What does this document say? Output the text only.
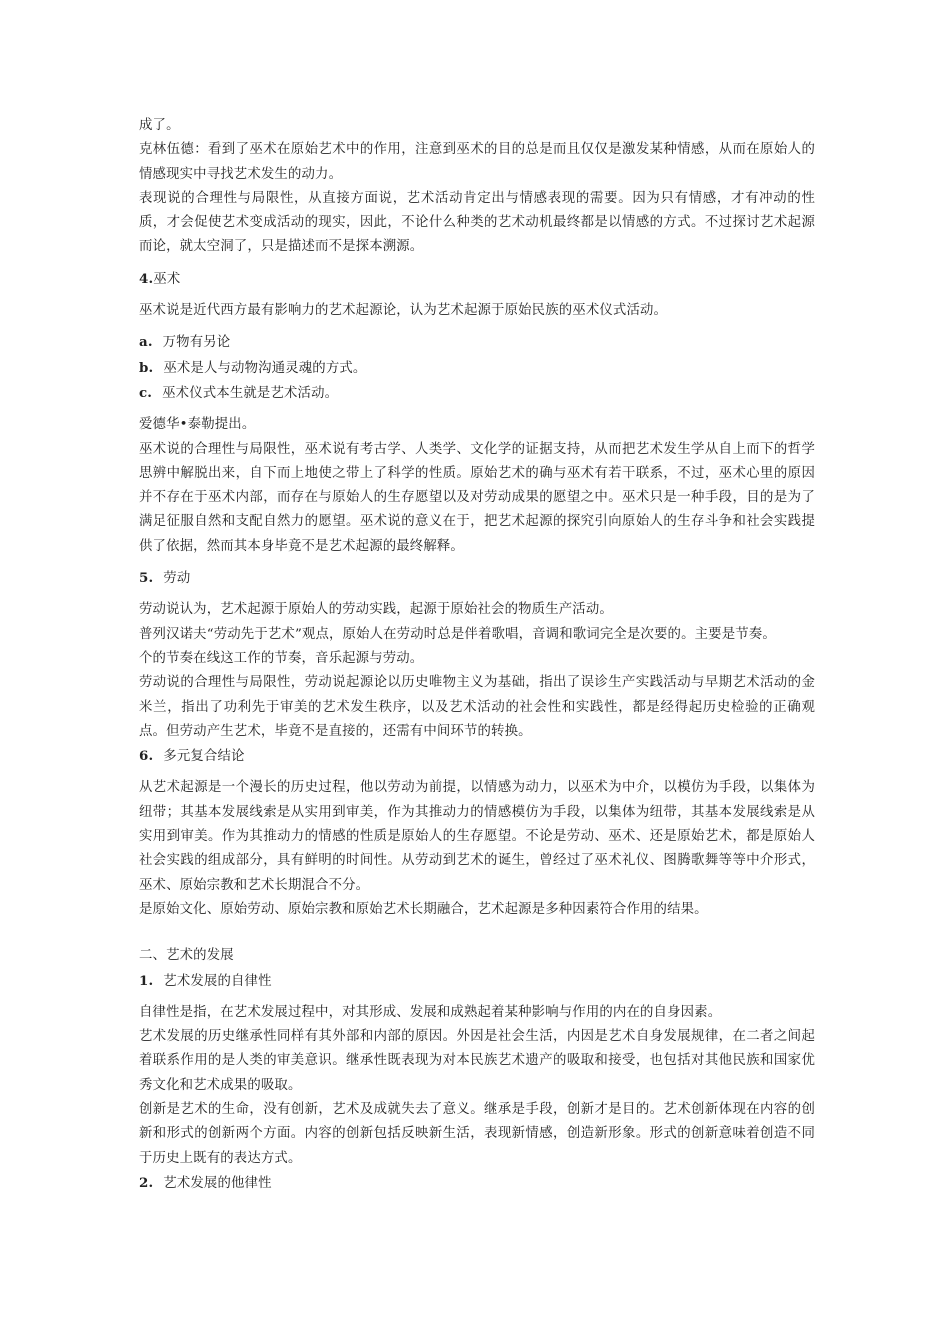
成了。

克林伍德：看到了巫术在原始艺术中的作用，注意到巫术的目的总是而且仅仅是激发某种情感，从而在原始人的情感现实中寻找艺术发生的动力。

表现说的合理性与局限性，从直接方面说，艺术活动肯定出与情感表现的需要。因为只有情感，才有冲动的性质，才会促使艺术变成活动的现实，因此，不论什么种类的艺术动机最终都是以情感的方式。不过探讨艺术起源而论，就太空洞了，只是描述而不是探本溯源。

4.巫术

巫术说是近代西方最有影响力的艺术起源论，认为艺术起源于原始民族的巫术仪式活动。

a. 万物有另论

b. 巫术是人与动物沟通灵魂的方式。

c. 巫术仪式本生就是艺术活动。

爱德华•泰勒提出。

巫术说的合理性与局限性，巫术说有考古学、人类学、文化学的证据支持，从而把艺术发生学从自上而下的哲学思辨中解脱出来，自下而上地使之带上了科学的性质。原始艺术的确与巫术有若干联系，不过，巫术心里的原因并不存在于巫术内部，而存在与原始人的生存愿望以及对劳动成果的愿望之中。巫术只是一种手段，目的是为了满足征服自然和支配自然力的愿望。巫术说的意义在于，把艺术起源的探究引向原始人的生存斗争和社会实践提供了依据，然而其本身毕竟不是艺术起源的最终解释。

5. 劳动

劳动说认为，艺术起源于原始人的劳动实践，起源于原始社会的物质生产活动。

普列汉诺夫“劳动先于艺术”观点，原始人在劳动时总是伴着歌唱，音调和歌词完全是次要的。主要是节奏。

个的节奏在线这工作的节奏，音乐起源与劳动。

劳动说的合理性与局限性，劳动说起源论以历史唯物主义为基础，指出了误诊生产实践活动与早期艺术活动的金米兰，指出了功利先于审美的艺术发生秩序，以及艺术活动的社会性和实践性，都是经得起历史检验的正确观点。但劳动产生艺术，毕竟不是直接的，还需有中间环节的转换。

6. 多元复合结论

从艺术起源是一个漫长的历史过程，他以劳动为前提，以情感为动力，以巫术为中介，以模仿为手段，以集体为纽带；其基本发展线索是从实用到审美，作为其推动力的情感模仿为手段，以集体为纽带，其基本发展线索是从实用到审美。作为其推动力的情感的性质是原始人的生存愿望。不论是劳动、巫术、还是原始艺术，都是原始人社会实践的组成部分，具有鲜明的时间性。从劳动到艺术的诞生，曾经过了巫术礼仪、图腾歌舞等等中介形式，巫术、原始宗教和艺术长期混合不分。

是原始文化、原始劳动、原始宗教和原始艺术长期融合，艺术起源是多种因素符合作用的结果。

二、艺术的发展

1. 艺术发展的自律性

自律性是指，在艺术发展过程中，对其形成、发展和成熟起着某种影响与作用的内在的自身因素。

艺术发展的历史继承性同样有其外部和内部的原因。外因是社会生活，内因是艺术自身发展规律，在二者之间起着联系作用的是人类的审美意识。继承性既表现为对本民族艺术遗产的吸取和接受，也包括对其他民族和国家优秀文化和艺术成果的吸取。

创新是艺术的生命，没有创新，艺术及成就失去了意义。继承是手段，创新才是目的。艺术创新体现在内容的创新和形式的创新两个方面。内容的创新包括反映新生活，表现新情感，创造新形象。形式的创新意味着创造不同于历史上既有的表达方式。

2. 艺术发展的他律性
